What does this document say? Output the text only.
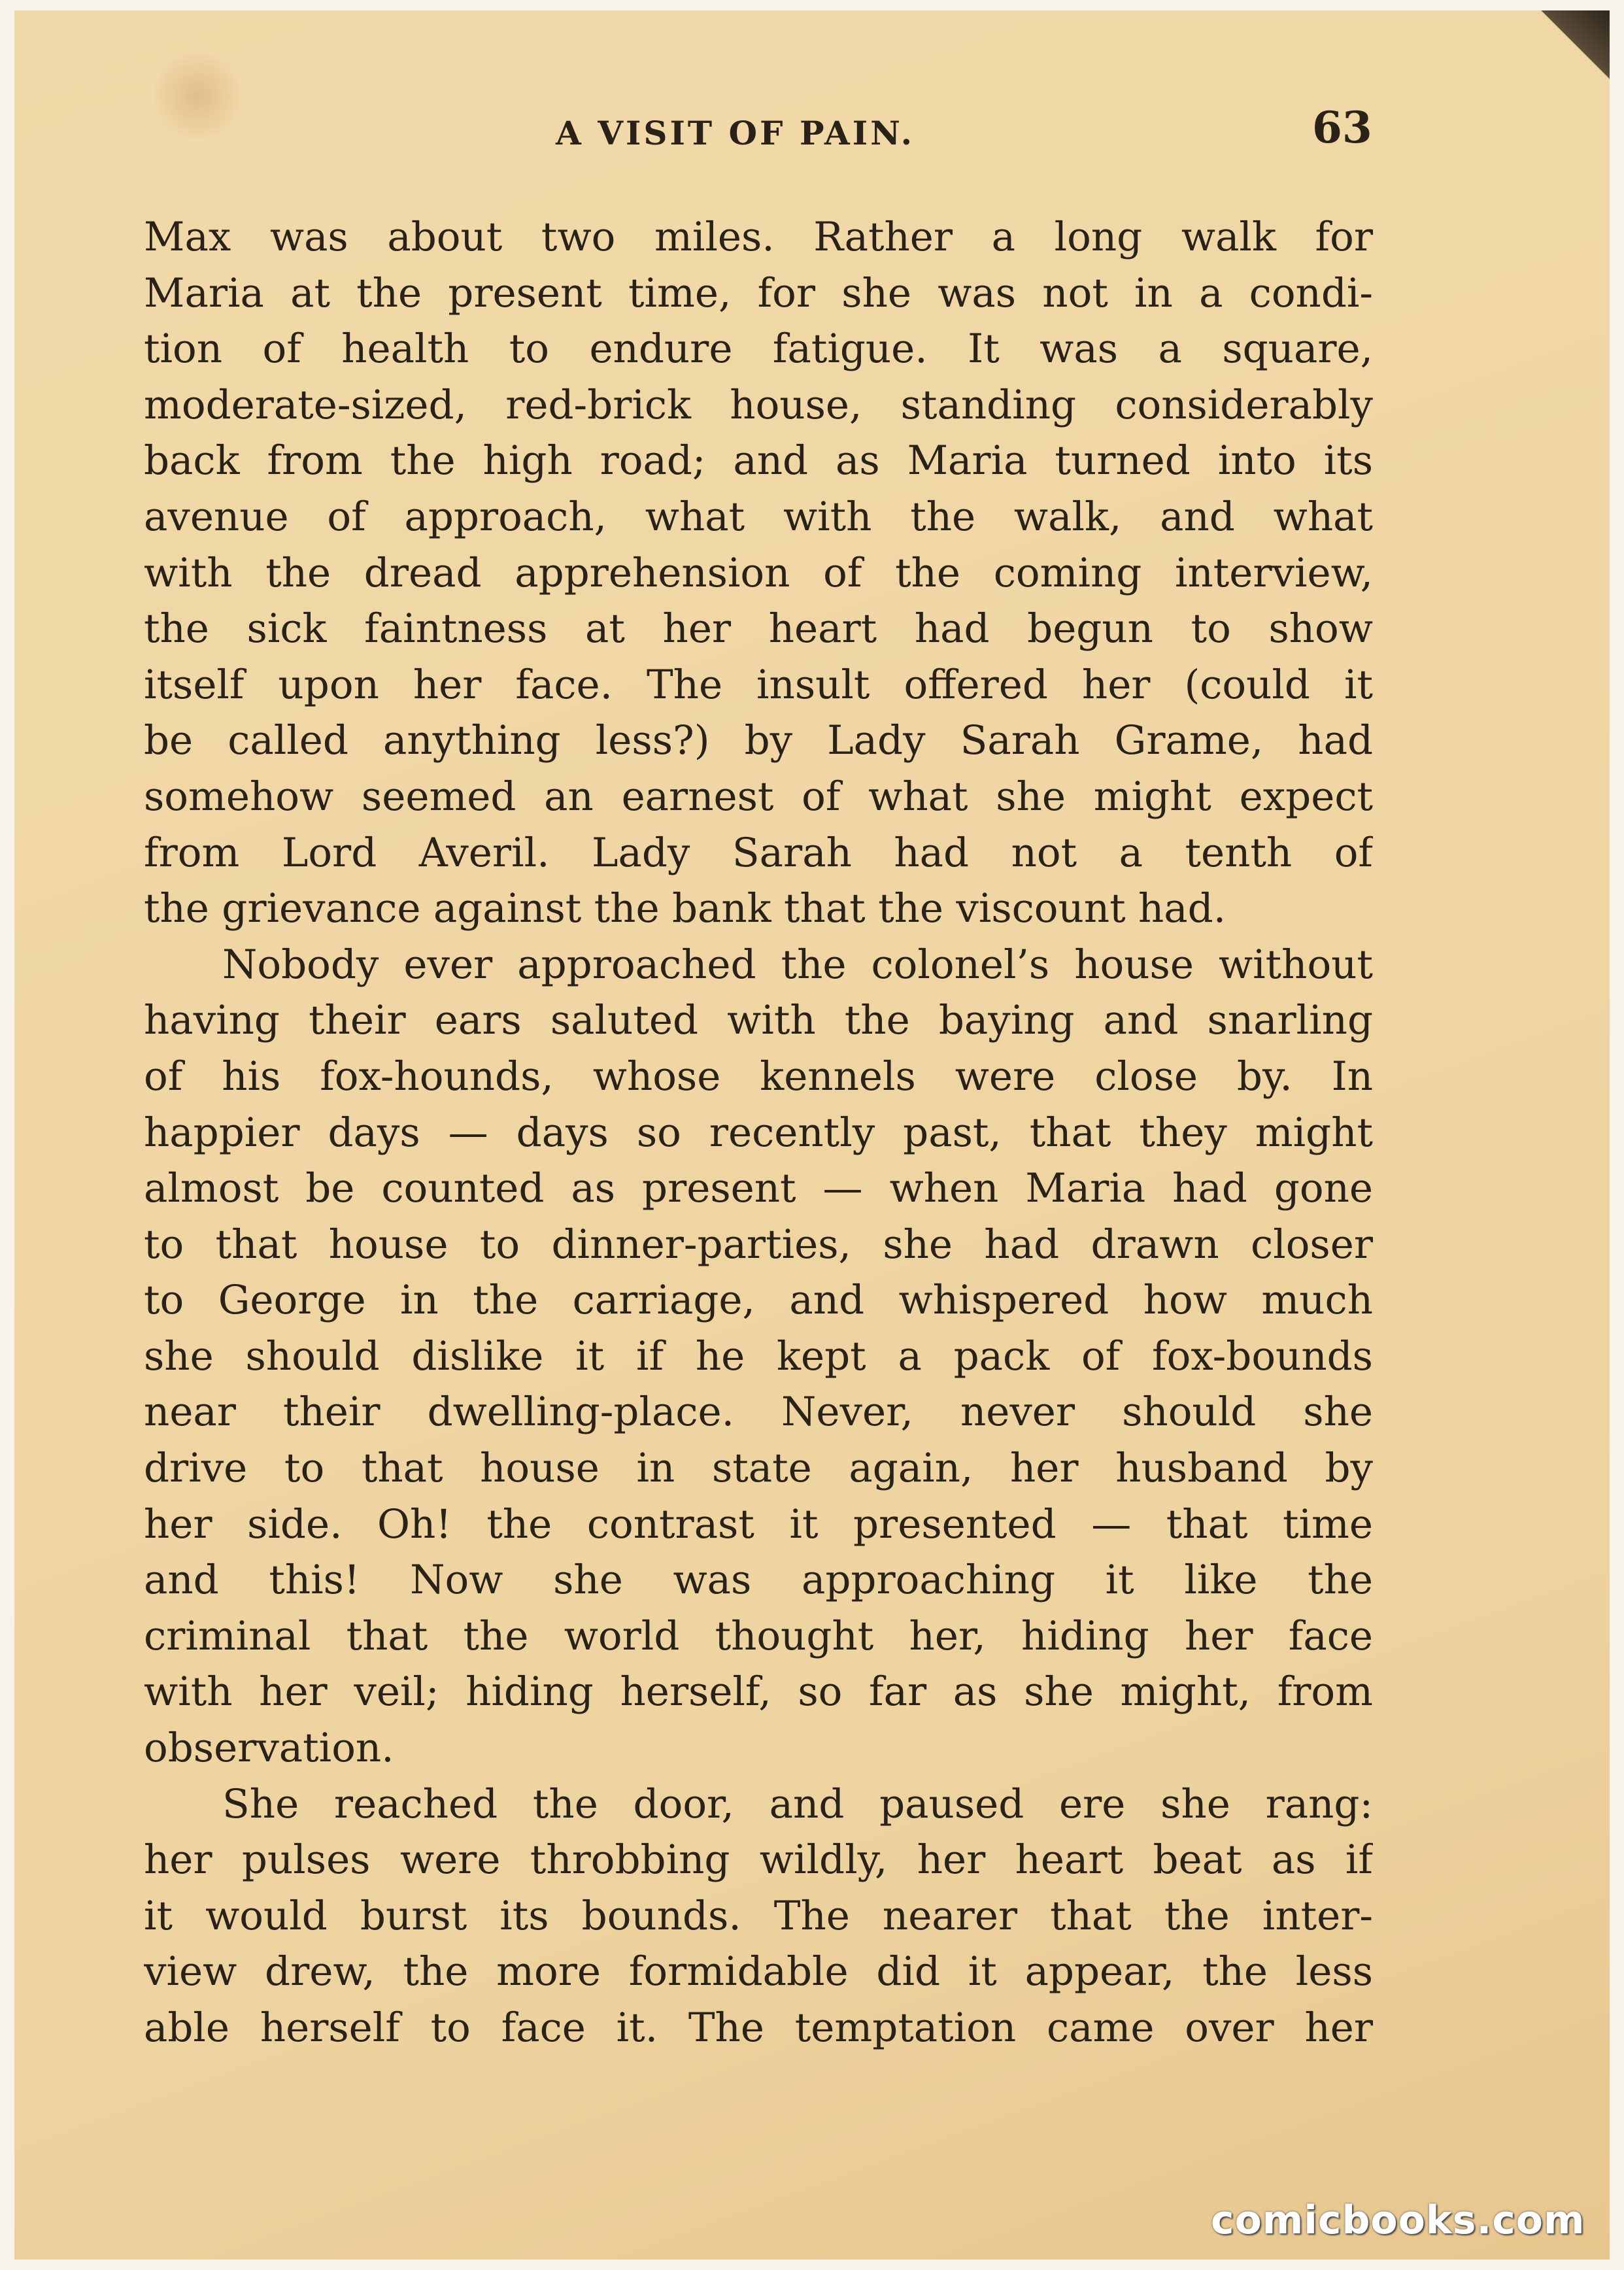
A VISIT OF PAIN.	63
Max was about two miles. Rather a long walk for
Maria at the present time, for she was not in a condi-
tion of health to endure fatigue. It was a square,
moderate-sized, red-brick house, standing considerably
back from the high road; and as Maria turned into its
avenue of approach, what with the walk, and what
with the dread apprehension of the coming interview,
the sick faintness at her heart had begun to show
itself upon her face. The insult offered her (could it
be called anything less?) by Lady Sarah Grame, had
somehow seemed an earnest of what she might expect
from Lord Averil. Lady Sarah had not a tenth of
the grievance against the bank that the viscount had.
Nobody ever approached the colonel’s house without
having their ears saluted with the baying and snarling
of his fox-hounds, whose kennels were close by. In
happier days — days so recently past, that they might
almost be counted as present — when Maria had gone
to that house to dinner-parties, she had drawn closer
to George in the carriage, and whispered how much
she should dislike it if he kept a pack of fox-bounds
near their dwelling-place. Never, never should she
drive to that house in state again, her husband by
her side. Oh! the contrast it presented — that time
and this! Now she was approaching it like the
criminal that the world thought her, hiding her face
with her veil; hiding herself, so far as she might, from
observation.
She reached the door, and paused ere she rang:
her pulses were throbbing wildly, her heart beat as if
it would burst its bounds. The nearer that the inter-
view drew, the more formidable did it appear, the less
able herself to face it. The temptation came over her
comicbooks.com
